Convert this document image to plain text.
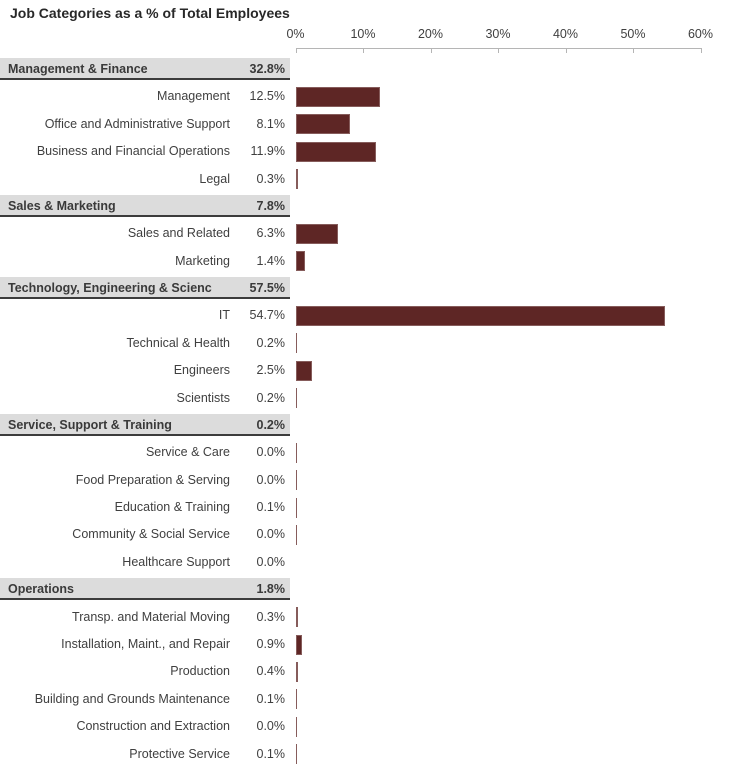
Job Categories as a % of Total Employees
0%	10%	20%	30%	40%	50%	60%
Management & Finance	32.8%
Management	12.5%
Office and Administrative Support	8.1%
Business and Financial Operations	11.9%
Legal	0.3%
Sales & Marketing	7.8%
Sales and Related	6.3%
Marketing	1.4%
Technology, Engineering & Scienc	57.5%
IT	54.7%
Technical & Health	0.2%
Engineers	2.5%
Scientists	0.2%
Service, Support & Training	0.2%
Service & Care	0.0%
Food Preparation & Serving	0.0%
Education & Training	0.1%
Community & Social Service	0.0%
Healthcare Support	0.0%
Operations	1.8%
Transp. and Material Moving	0.3%
Installation, Maint., and Repair	0.9%
Production	0.4%
Building and Grounds Maintenance	0.1%
Construction and Extraction	0.0%
Protective Service	0.1%
